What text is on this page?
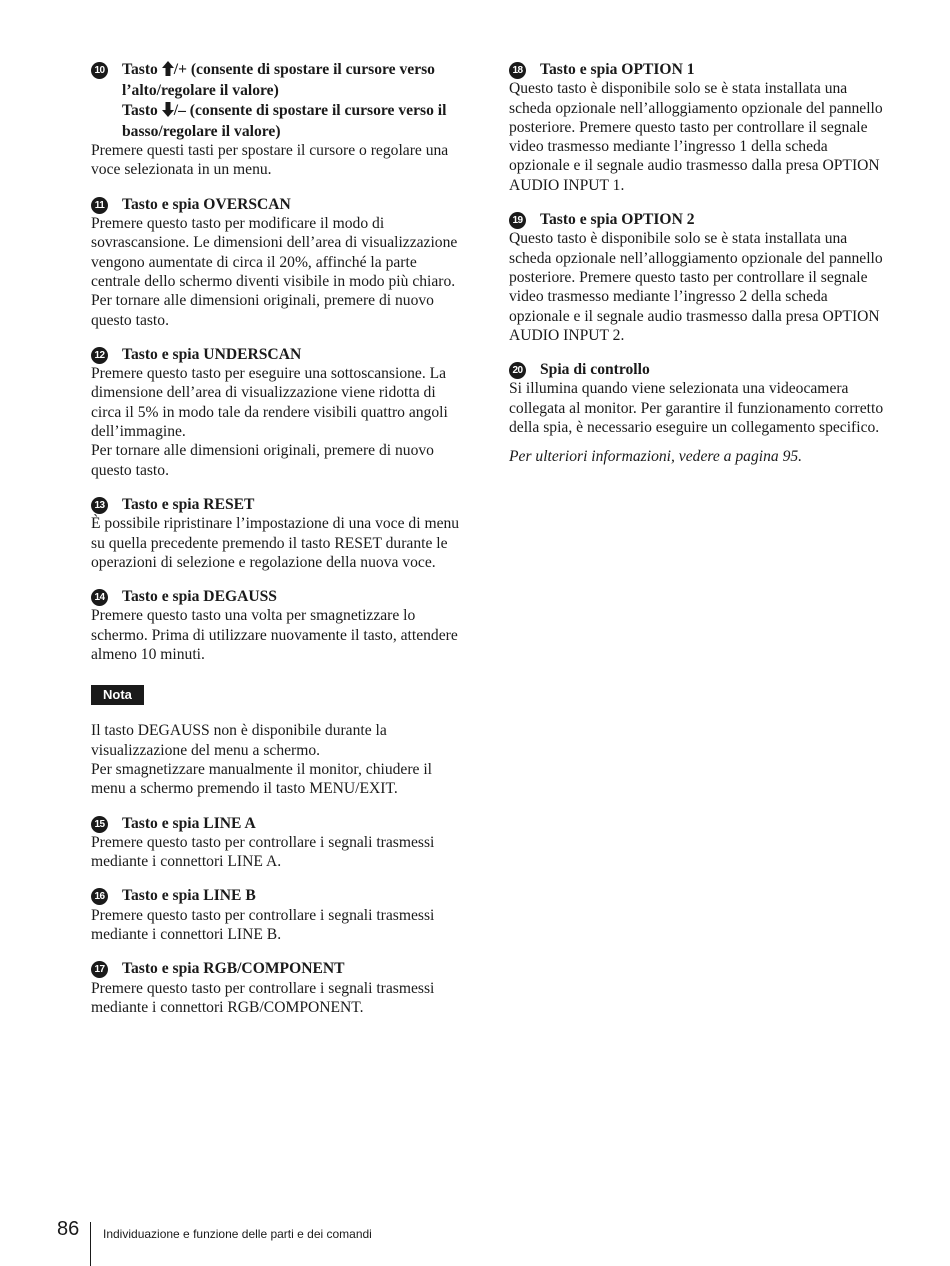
10 Tasto /+ (consente di spostare il cursore verso l’alto/regolare il valore)

Tasto /– (consente di spostare il cursore verso il basso/regolare il valore)

Premere questi tasti per spostare il cursore o regolare una voce selezionata in un menu.

11 Tasto e spia OVERSCAN

Premere questo tasto per modificare il modo di sovrascansione. Le dimensioni dell’area di visualizzazione vengono aumentate di circa il 20%, affinché la parte centrale dello schermo diventi visibile in modo più chiaro.

Per tornare alle dimensioni originali, premere di nuovo questo tasto.

12 Tasto e spia UNDERSCAN

Premere questo tasto per eseguire una sottoscansione. La dimensione dell’area di visualizzazione viene ridotta di circa il 5% in modo tale da rendere visibili quattro angoli dell’immagine.

Per tornare alle dimensioni originali, premere di nuovo questo tasto.

13 Tasto e spia RESET

È possibile ripristinare l’impostazione di una voce di menu su quella precedente premendo il tasto RESET durante le operazioni di selezione e regolazione della nuova voce.

14 Tasto e spia DEGAUSS

Premere questo tasto una volta per smagnetizzare lo schermo. Prima di utilizzare nuovamente il tasto, attendere almeno 10 minuti.

Nota

Il tasto DEGAUSS non è disponibile durante la visualizzazione del menu a schermo.

Per smagnetizzare manualmente il monitor, chiudere il menu a schermo premendo il tasto MENU/EXIT.

15 Tasto e spia LINE A

Premere questo tasto per controllare i segnali trasmessi mediante i connettori LINE A.

16 Tasto e spia LINE B

Premere questo tasto per controllare i segnali trasmessi mediante i connettori LINE B.

17 Tasto e spia RGB/COMPONENT

Premere questo tasto per controllare i segnali trasmessi mediante i connettori RGB/COMPONENT.

18 Tasto e spia OPTION 1

Questo tasto è disponibile solo se è stata installata una scheda opzionale nell’alloggiamento opzionale del pannello posteriore. Premere questo tasto per controllare il segnale video trasmesso mediante l’ingresso 1 della scheda opzionale e il segnale audio trasmesso dalla presa OPTION AUDIO INPUT 1.

19 Tasto e spia OPTION 2

Questo tasto è disponibile solo se è stata installata una scheda opzionale nell’alloggiamento opzionale del pannello posteriore. Premere questo tasto per controllare il segnale video trasmesso mediante l’ingresso 2 della scheda opzionale e il segnale audio trasmesso dalla presa OPTION AUDIO INPUT 2.

20 Spia di controllo

Si illumina quando viene selezionata una videocamera collegata al monitor. Per garantire il funzionamento corretto della spia, è necessario eseguire un collegamento specifico.

Per ulteriori informazioni, vedere a pagina 95.

86 Individuazione e funzione delle parti e dei comandi
